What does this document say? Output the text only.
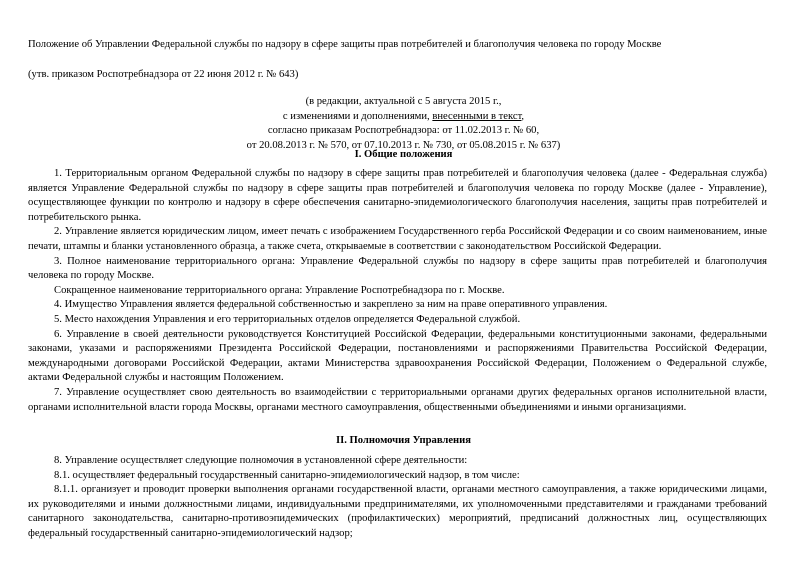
Положение об Управлении Федеральной службы по надзору в сфере защиты прав потребителей и благополучия человека по городу Москве
(утв. приказом Роспотребнадзора от 22 июня 2012 г. № 643)
(в редакции, актуальной с 5 августа 2015 г.,
с изменениями и дополнениями, внесенными в текст,
согласно приказам Роспотребнадзора: от 11.02.2013 г. № 60,
от 20.08.2013 г. № 570, от 07.10.2013 г. № 730, от 05.08.2015 г. № 637)
I. Общие положения

1. Территориальным органом Федеральной службы по надзору в сфере защиты прав потребителей и благополучия человека (далее - Федеральная служба) является Управление Федеральной службы по надзору в сфере защиты прав потребителей и благополучия человека по городу Москве (далее - Управление), осуществляющее функции по контролю и надзору в сфере обеспечения санитарно-эпидемиологического благополучия населения, защиты прав потребителей и потребительского рынка.

2. Управление является юридическим лицом, имеет печать с изображением Государственного герба Российской Федерации и со своим наименованием, иные печати, штампы и бланки установленного образца, а также счета, открываемые в соответствии с законодательством Российской Федерации.

3. Полное наименование территориального органа: Управление Федеральной службы по надзору в сфере защиты прав потребителей и благополучия человека по городу Москве.

Сокращенное наименование территориального органа: Управление Роспотребнадзора по г. Москве.

4. Имущество Управления является федеральной собственностью и закреплено за ним на праве оперативного управления.

5. Место нахождения Управления и его территориальных отделов определяется Федеральной службой.

6. Управление в своей деятельности руководствуется Конституцией Российской Федерации, федеральными конституционными законами, федеральными законами, указами и распоряжениями Президента Российской Федерации, постановлениями и распоряжениями Правительства Российской Федерации, международными договорами Российской Федерации, актами Министерства здравоохранения Российской Федерации, Положением о Федеральной службе, актами Федеральной службы и настоящим Положением.

7. Управление осуществляет свою деятельность во взаимодействии с территориальными органами других федеральных органов исполнительной власти, органами исполнительной власти города Москвы, органами местного самоуправления, общественными объединениями и иными организациями.

II. Полномочия Управления

8. Управление осуществляет следующие полномочия в установленной сфере деятельности:

8.1. осуществляет федеральный государственный санитарно-эпидемиологический надзор, в том числе:

8.1.1. организует и проводит проверки выполнения органами государственной власти, органами местного самоуправления, а также юридическими лицами, их руководителями и иными должностными лицами, индивидуальными предпринимателями, их уполномоченными представителями и гражданами требований санитарного законодательства, санитарно-противоэпидемических (профилактических) мероприятий, предписаний должностных лиц, осуществляющих федеральный государственный санитарно-эпидемиологический надзор;
